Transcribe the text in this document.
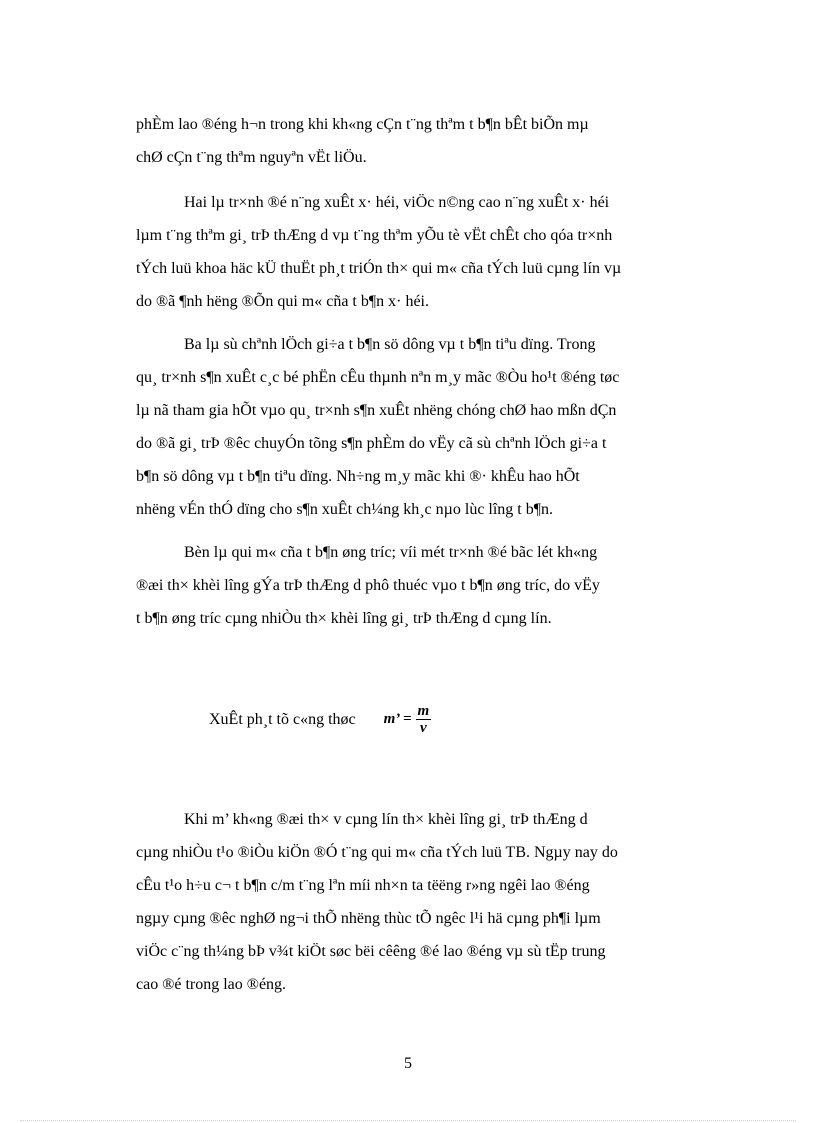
phÈm lao ®éng h¬n trong khi kh«ng cÇn t¨ng thªm t b¶n bÊt biÕn mµ
chØ cÇn t¨ng thªm nguyªn vËt liÖu.
Hai lµ tr×nh ®é n¨ng xuÊt x· héi, viÖc n©ng cao n¨ng xuÊt x· héi
lµm t¨ng thªm gi¸ trÞ thÆng d vµ t¨ng thªm yÕu tè vËt chÊt cho qóa tr×nh
tÝch luü khoa häc kÜ thuËt ph¸t triÓn th× qui m« cña tÝch luü cµng lín vµ
do ®ã ¶nh hëng ®Õn qui m« cña t b¶n x· héi.
Ba lµ sù chªnh lÖch gi÷a t b¶n sö dông vµ t b¶n tiªu dïng. Trong
qu¸ tr×nh s¶n xuÊt c¸c bé phËn cÊu thµnh nªn m¸y mãc ®Òu ho¹t ®éng tøc
lµ nã tham gia hÕt vµo qu¸ tr×nh s¶n xuÊt nhëng chóng chØ hao mßn dÇn
do ®ã gi¸ trÞ ®êc chuyÓn tõng s¶n phÈm do vËy cã sù chªnh lÖch gi÷a t
b¶n sö dông vµ t b¶n tiªu dïng. Nh÷ng m¸y mãc khi ®· khÊu hao hÕt
nhëng vÉn thÓ dïng cho s¶n xuÊt ch¼ng kh¸c nµo lùc lîng t b¶n.
Bèn lµ qui m« cña t b¶n øng tríc; víi mét tr×nh ®é bãc lét kh«ng
®æi th× khèi lîng gÝa trÞ thÆng d phô thuéc vµo t b¶n øng tríc, do vËy
t b¶n øng tríc cµng nhiÒu th× khèi lîng gi¸ trÞ thÆng d cµng lín.
XuÊt ph¸t tõ c«ng thøc m’ = $\frac{m}{v}$
Khi m’ kh«ng ®æi th× v cµng lín th× khèi lîng gi¸ trÞ thÆng d
cµng nhiÒu t¹o ®iÒu kiÖn ®Ó t¨ng qui m« cña tÝch luü TB. Ngµy nay do
cÊu t¹o h÷u c¬ t b¶n c/m t¨ng lªn míi nh×n ta tëëng r»ng ngêi lao ®éng
ngµy cµng ®êc nghØ ng¬i thÕ nhëng thùc tÕ ngêc l¹i hä cµng ph¶i lµm
viÖc c¨ng th¼ng bÞ v¾t kiÖt søc bëi cêêng ®é lao ®éng vµ sù tËp trung
cao ®é trong lao ®éng.
5
